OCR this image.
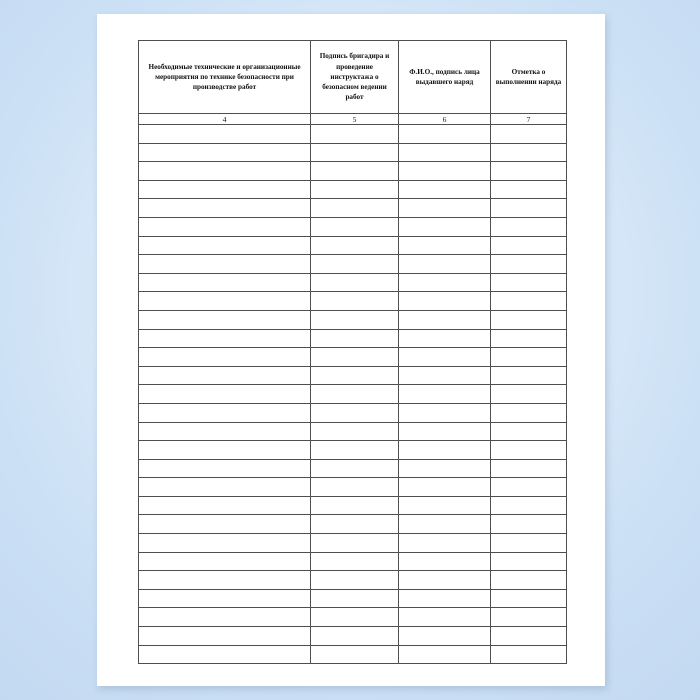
Необходимые технические и организационные мероприятия по технике безопасности при производстве работ	Подпись бригадира и проведение инструктажа о безопасном ведении работ	Ф.И.О., подпись лица выдавшего наряд	Отметка о выполнении наряда
4	5	6	7
